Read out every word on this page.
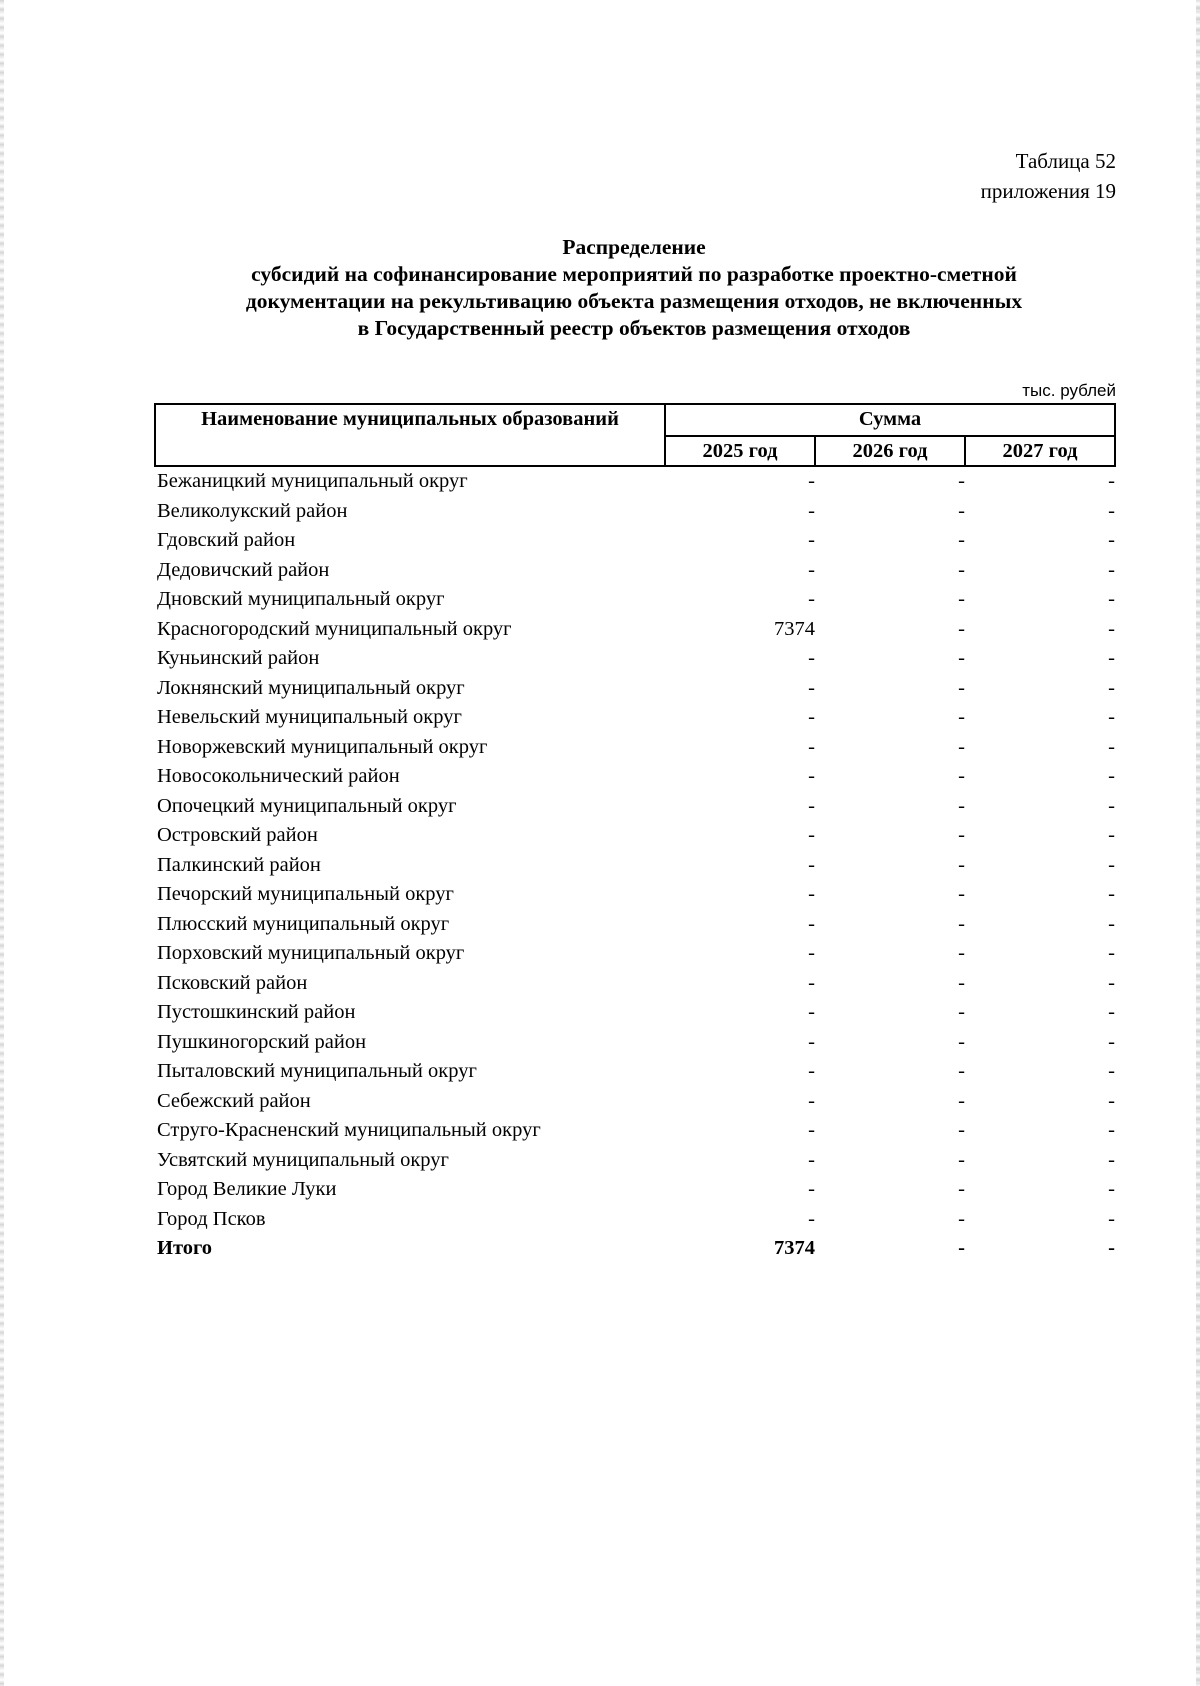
Таблица 52
приложения 19
Распределение
субсидий на софинансирование мероприятий по разработке проектно-сметной
документации на рекультивацию объекта размещения отходов, не включенных
в Государственный реестр объектов размещения отходов
тыс. рублей
Наименование муниципальных образований	Сумма		
	2025 год	2026 год	2027 год
Бежаницкий муниципальный округ	-	-	-
Великолукский район	-	-	-
Гдовский район	-	-	-
Дедовичский район	-	-	-
Дновский муниципальный округ	-	-	-
Красногородский муниципальный округ	7374	-	-
Куньинский район	-	-	-
Локнянский муниципальный округ	-	-	-
Невельский муниципальный округ	-	-	-
Новоржевский муниципальный округ	-	-	-
Новосокольнический район	-	-	-
Опочецкий муниципальный округ	-	-	-
Островский район	-	-	-
Палкинский район	-	-	-
Печорский муниципальный округ	-	-	-
Плюсский муниципальный округ	-	-	-
Порховский муниципальный округ	-	-	-
Псковский район	-	-	-
Пустошкинский район	-	-	-
Пушкиногорский район	-	-	-
Пыталовский муниципальный округ	-	-	-
Себежский район	-	-	-
Струго-Красненский муниципальный округ	-	-	-
Усвятский муниципальный округ	-	-	-
Город Великие Луки	-	-	-
Город Псков	-	-	-
Итого	7374	-	-
